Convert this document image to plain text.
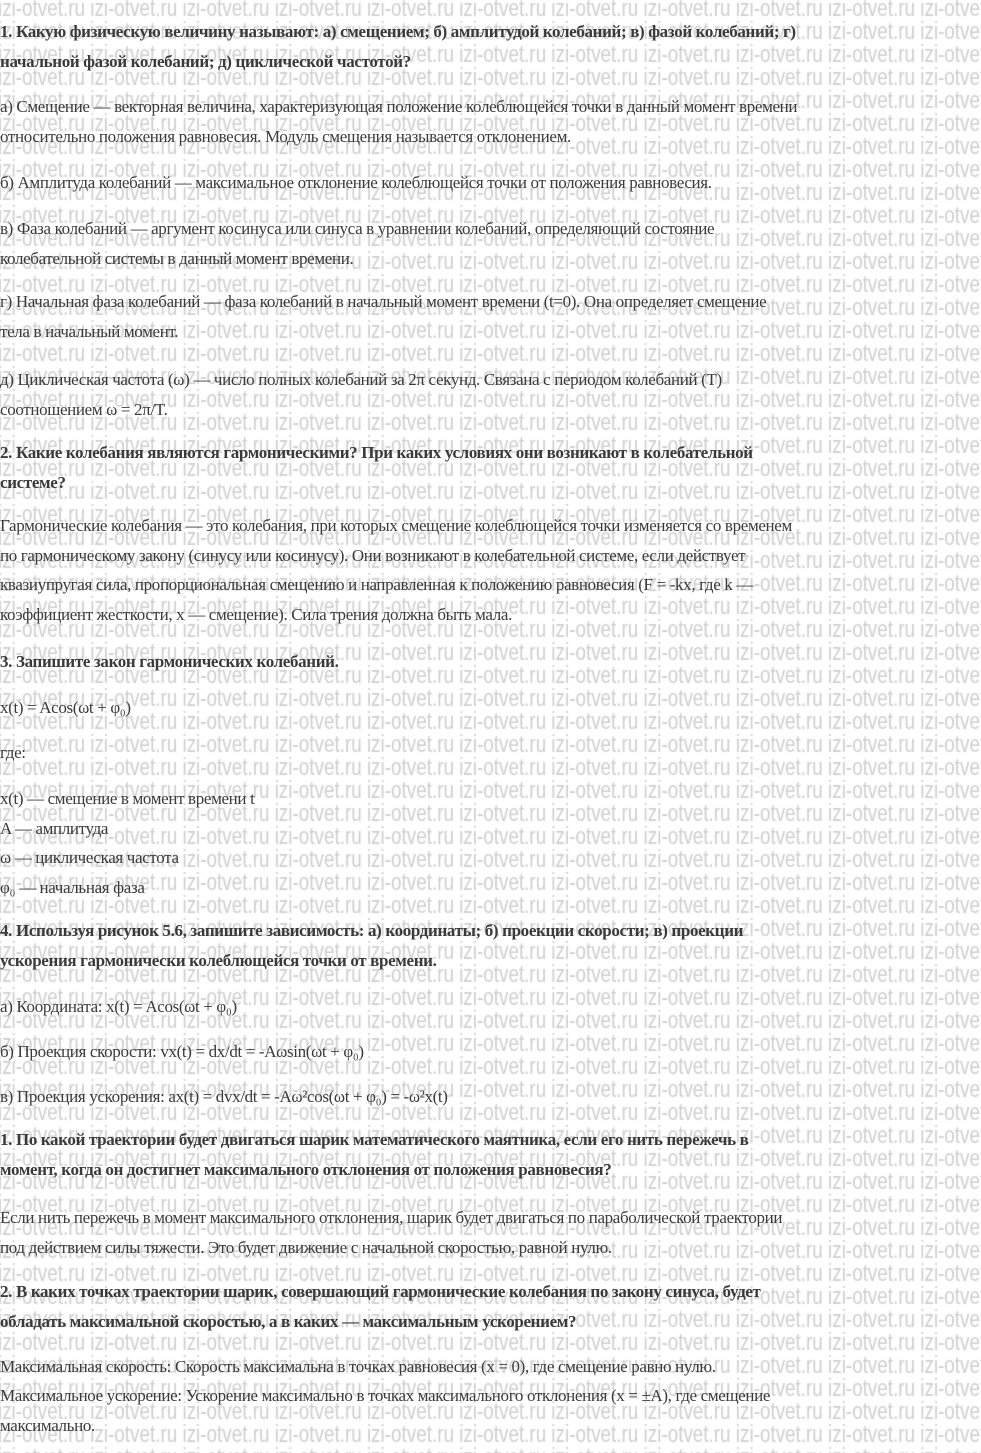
1. Какую физическую величину называют: а) смещением; б) амплитудой колебаний; в) фазой колебаний; г)
начальной фазой колебаний; д) циклической частотой?
а) Смещение — векторная величина, характеризующая положение колеблющейся точки в данный момент времени
относительно положения равновесия. Модуль смещения называется отклонением.
б) Амплитуда колебаний — максимальное отклонение колеблющейся точки от положения равновесия.
в) Фаза колебаний — аргумент косинуса или синуса в уравнении колебаний, определяющий состояние
колебательной системы в данный момент времени.
г) Начальная фаза колебаний — фаза колебаний в начальный момент времени (t=0). Она определяет смещение
тела в начальный момент.
д) Циклическая частота (ω) — число полных колебаний за 2π секунд. Связана с периодом колебаний (T)
соотношением ω = 2π/T.
2. Какие колебания являются гармоническими? При каких условиях они возникают в колебательной
системе?
Гармонические колебания — это колебания, при которых смещение колеблющейся точки изменяется со временем
по гармоническому закону (синусу или косинусу). Они возникают в колебательной системе, если действует
квазиупругая сила, пропорциональная смещению и направленная к положению равновесия (F = -kx, где k —
коэффициент жесткости, x — смещение). Сила трения должна быть мала.
3. Запишите закон гармонических колебаний.
x(t) = Acos(ωt + φ₀)
где:
x(t) — смещение в момент времени t
A — амплитуда
ω — циклическая частота
φ₀ — начальная фаза
4. Используя рисунок 5.6, запишите зависимость: а) координаты; б) проекции скорости; в) проекции
ускорения гармонически колеблющейся точки от времени.
а) Координата: x(t) = Acos(ωt + φ₀)
б) Проекция скорости: vx(t) = dx/dt = -Aωsin(ωt + φ₀)
в) Проекция ускорения: ax(t) = dvx/dt = -Aω²cos(ωt + φ₀) = -ω²x(t)
1. По какой траектории будет двигаться шарик математического маятника, если его нить пережечь в
момент, когда он достигнет максимального отклонения от положения равновесия?
Если нить пережечь в момент максимального отклонения, шарик будет двигаться по параболической траектории
под действием силы тяжести. Это будет движение с начальной скоростью, равной нулю.
2. В каких точках траектории шарик, совершающий гармонические колебания по закону синуса, будет
обладать максимальной скоростью, а в каких — максимальным ускорением?
Максимальная скорость: Скорость максимальна в точках равновесия (x = 0), где смещение равно нулю.
Максимальное ускорение: Ускорение максимально в точках максимального отклонения (x = ±A), где смещение
максимально.
